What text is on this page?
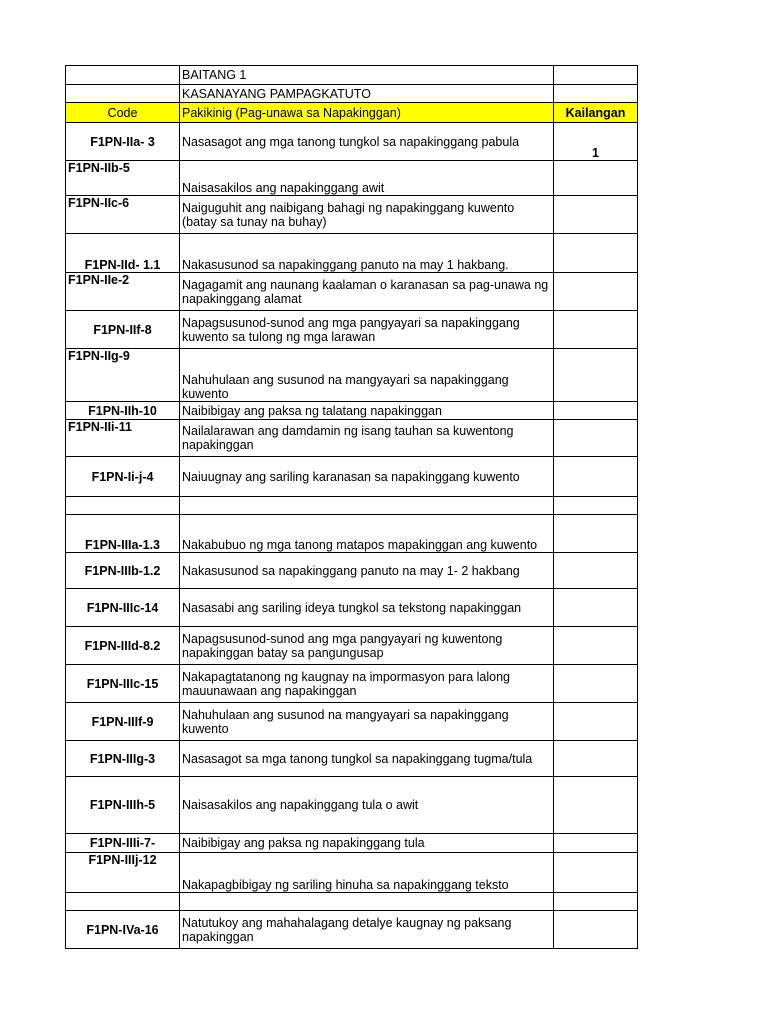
	BAITANG 1	
	KASANAYANG PAMPAGKATUTO	
Code	Pakikinig (Pag-unawa sa Napakinggan)	Kailangan
F1PN-IIa- 3	Nasasagot ang mga tanong tungkol sa napakinggang pabula	1
F1PN-IIb-5	Naisasakilos ang napakinggang awit	
F1PN-IIc-6	Naiguguhit ang naibigang bahagi ng napakinggang kuwento (batay sa tunay na buhay)	
F1PN-IId- 1.1	Nakasusunod sa napakinggang panuto na may 1 hakbang.	
F1PN-IIe-2	Nagagamit ang naunang kaalaman o karanasan sa pag-unawa ng napakinggang alamat	
F1PN-IIf-8	Napagsusunod-sunod ang mga pangyayari sa napakinggang kuwento sa tulong ng mga larawan	
F1PN-IIg-9	Nahuhulaan ang susunod na mangyayari sa napakinggang kuwento	
F1PN-IIh-10	Naibibigay ang paksa ng talatang napakinggan	
F1PN-IIi-11	Nailalarawan ang damdamin ng isang tauhan sa kuwentong napakinggan	
F1PN-Ii-j-4	Naiuugnay ang sariling karanasan sa napakinggang kuwento	

F1PN-IIIa-1.3	Nakabubuo ng mga tanong matapos mapakinggan ang kuwento	
F1PN-IIIb-1.2	Nakasusunod sa napakinggang panuto na may 1- 2 hakbang	
F1PN-IIIc-14	Nasasabi ang sariling ideya tungkol sa tekstong napakinggan	
F1PN-IIId-8.2	Napagsusunod-sunod ang mga pangyayari ng kuwentong napakinggan batay sa pangungusap	
F1PN-IIIc-15	Nakapagtatanong ng kaugnay na impormasyon para lalong mauunawaan ang napakinggan	
F1PN-IIIf-9	Nahuhulaan ang susunod na mangyayari sa napakinggang kuwento	
F1PN-IIIg-3	Nasasagot sa mga tanong tungkol sa napakinggang tugma/tula	
F1PN-IIIh-5	Naisasakilos ang napakinggang tula o awit	
F1PN-IIIi-7-	Naibibigay ang paksa ng napakinggang tula	
F1PN-IIIj-12	Nakapagbibigay ng sariling hinuha sa napakinggang teksto	

F1PN-IVa-16	Natutukoy ang mahahalagang detalye kaugnay ng paksang napakinggan	
